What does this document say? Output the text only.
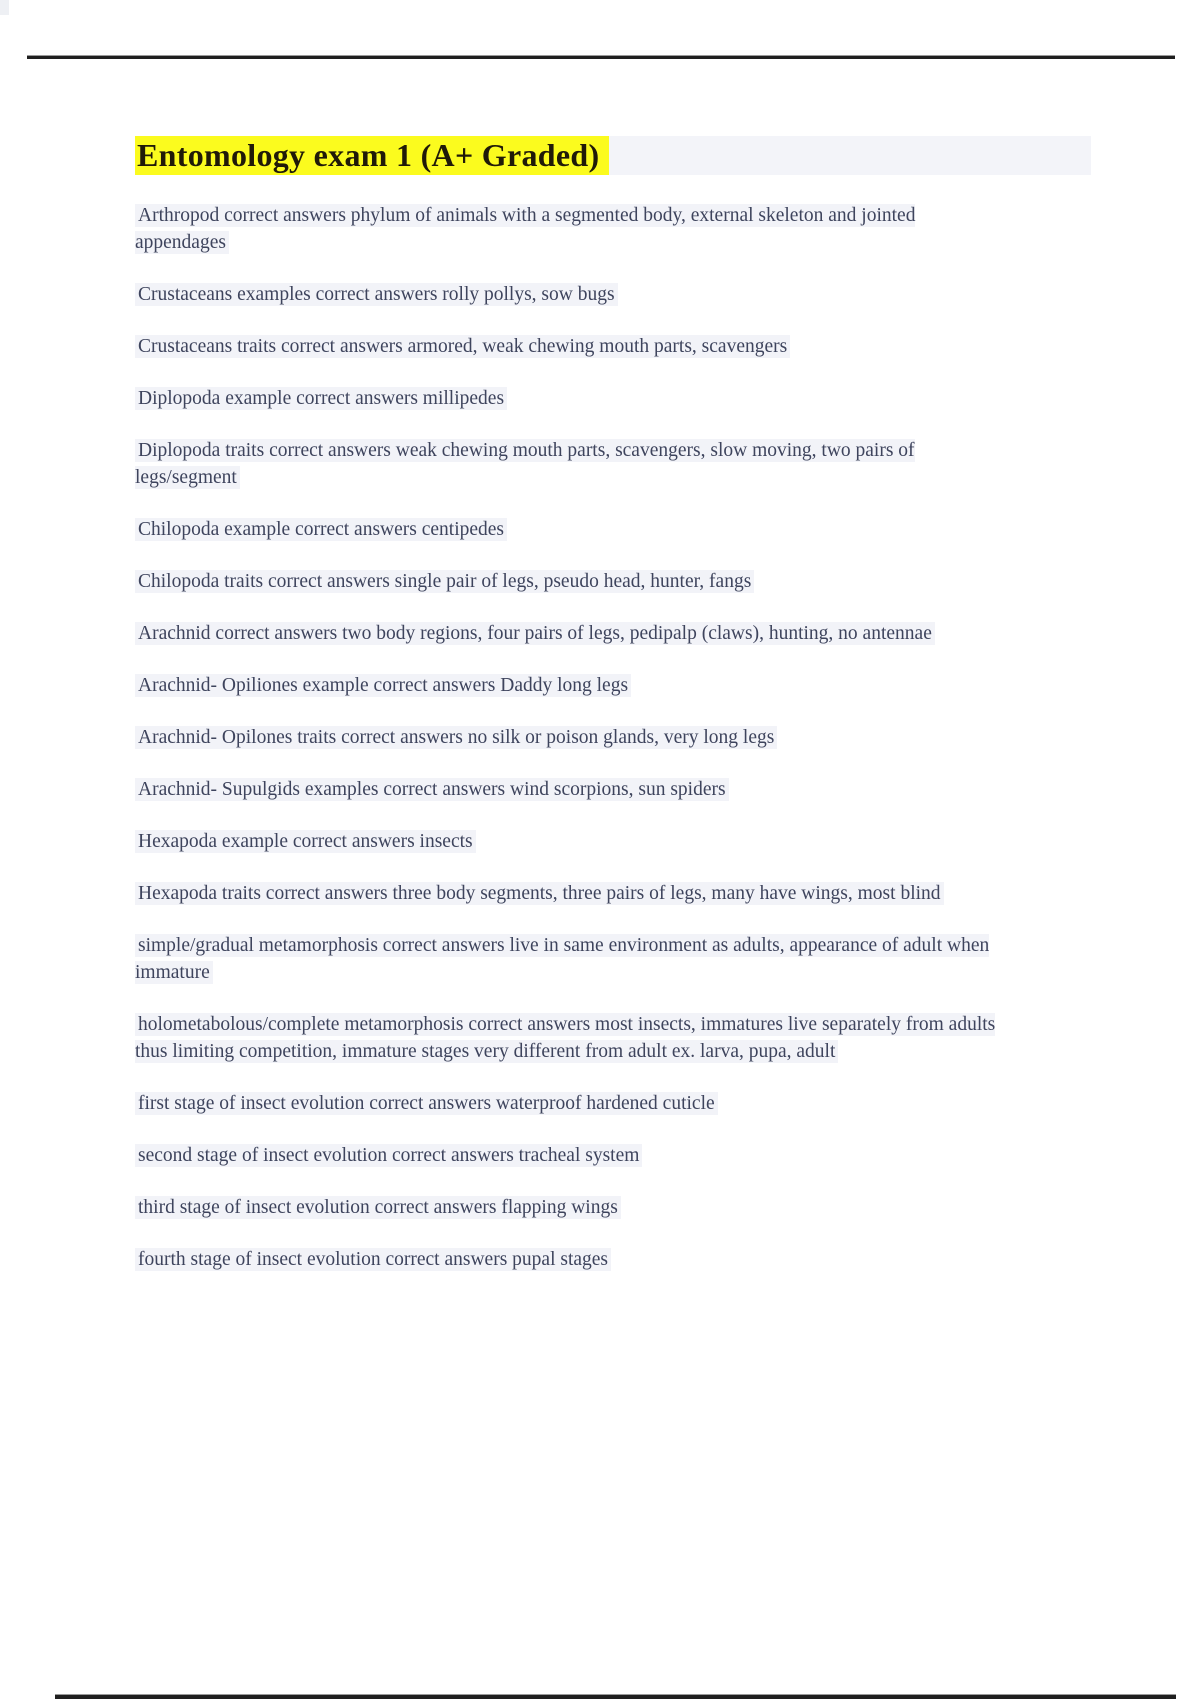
Entomology exam 1 (A+ Graded)

Arthropod correct answers phylum of animals with a segmented body, external skeleton and jointed appendages

Crustaceans examples correct answers rolly pollys, sow bugs

Crustaceans traits correct answers armored, weak chewing mouth parts, scavengers

Diplopoda example correct answers millipedes

Diplopoda traits correct answers weak chewing mouth parts, scavengers, slow moving, two pairs of legs/segment

Chilopoda example correct answers centipedes

Chilopoda traits correct answers single pair of legs, pseudo head, hunter, fangs

Arachnid correct answers two body regions, four pairs of legs, pedipalp (claws), hunting, no antennae

Arachnid- Opiliones example correct answers Daddy long legs

Arachnid- Opilones traits correct answers no silk or poison glands, very long legs

Arachnid- Supulgids examples correct answers wind scorpions, sun spiders

Hexapoda example correct answers insects

Hexapoda traits correct answers three body segments, three pairs of legs, many have wings, most blind

simple/gradual metamorphosis correct answers live in same environment as adults, appearance of adult when immature

holometabolous/complete metamorphosis correct answers most insects, immatures live separately from adults thus limiting competition, immature stages very different from adult ex. larva, pupa, adult

first stage of insect evolution correct answers waterproof hardened cuticle

second stage of insect evolution correct answers tracheal system

third stage of insect evolution correct answers flapping wings

fourth stage of insect evolution correct answers pupal stages
